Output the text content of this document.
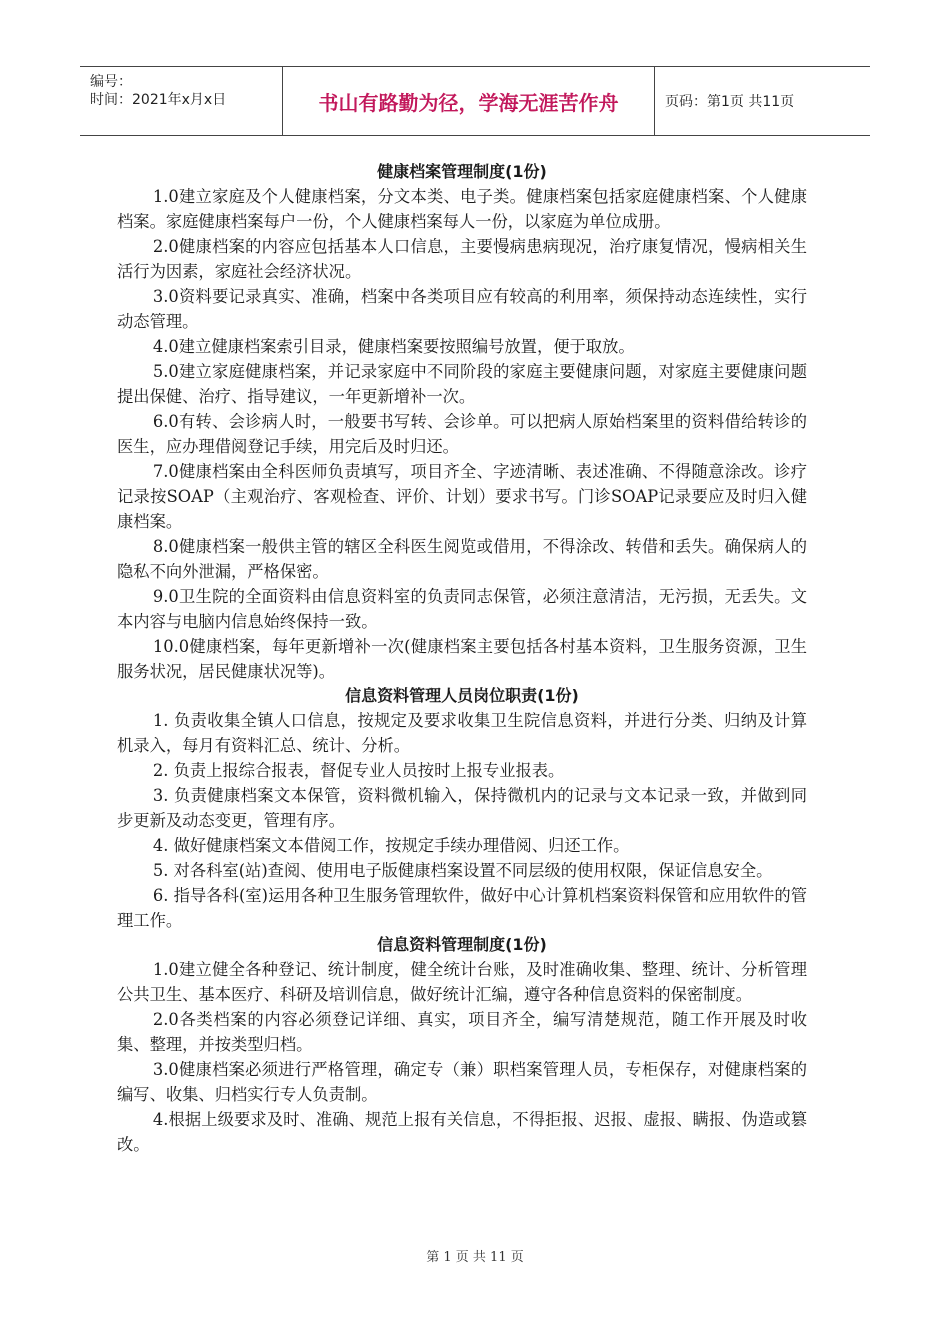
编号：
时间：2021年x月x日	书山有路勤为径，学海无涯苦作舟	页码：第1页 共11页
健康档案管理制度(1份)

1.0建立家庭及个人健康档案，分文本类、电子类。健康档案包括家庭健康档案、个人健康档案。家庭健康档案每户一份，个人健康档案每人一份，以家庭为单位成册。

2.0健康档案的内容应包括基本人口信息，主要慢病患病现况，治疗康复情况，慢病相关生活行为因素，家庭社会经济状况。

3.0资料要记录真实、准确，档案中各类项目应有较高的利用率，须保持动态连续性，实行动态管理。

4.0建立健康档案索引目录，健康档案要按照编号放置，便于取放。

5.0建立家庭健康档案，并记录家庭中不同阶段的家庭主要健康问题，对家庭主要健康问题提出保健、治疗、指导建议，一年更新增补一次。

6.0有转、会诊病人时，一般要书写转、会诊单。可以把病人原始档案里的资料借给转诊的医生，应办理借阅登记手续，用完后及时归还。

7.0健康档案由全科医师负责填写，项目齐全、字迹清晰、表述准确、不得随意涂改。诊疗记录按SOAP（主观治疗、客观检查、评价、计划）要求书写。门诊SOAP记录要应及时归入健康档案。

8.0健康档案一般供主管的辖区全科医生阅览或借用，不得涂改、转借和丢失。确保病人的隐私不向外泄漏，严格保密。

9.0卫生院的全面资料由信息资料室的负责同志保管，必须注意清洁，无污损，无丢失。文本内容与电脑内信息始终保持一致。

10.0健康档案，每年更新增补一次(健康档案主要包括各村基本资料，卫生服务资源，卫生服务状况，居民健康状况等)。

信息资料管理人员岗位职责(1份)

1. 负责收集全镇人口信息，按规定及要求收集卫生院信息资料，并进行分类、归纳及计算机录入，每月有资料汇总、统计、分析。

2. 负责上报综合报表，督促专业人员按时上报专业报表。

3. 负责健康档案文本保管，资料微机输入，保持微机内的记录与文本记录一致，并做到同步更新及动态变更，管理有序。

4. 做好健康档案文本借阅工作，按规定手续办理借阅、归还工作。

5. 对各科室(站)查阅、使用电子版健康档案设置不同层级的使用权限，保证信息安全。

6. 指导各科(室)运用各种卫生服务管理软件，做好中心计算机档案资料保管和应用软件的管理工作。

信息资料管理制度(1份)

1.0建立健全各种登记、统计制度，健全统计台账，及时准确收集、整理、统计、分析管理公共卫生、基本医疗、科研及培训信息，做好统计汇编，遵守各种信息资料的保密制度。

2.0各类档案的内容必须登记详细、真实，项目齐全，编写清楚规范，随工作开展及时收集、整理，并按类型归档。

3.0健康档案必须进行严格管理，确定专（兼）职档案管理人员，专柜保存，对健康档案的编写、收集、归档实行专人负责制。

4.根据上级要求及时、准确、规范上报有关信息，不得拒报、迟报、虚报、瞒报、伪造或篡改。

第 1 页 共 11 页
